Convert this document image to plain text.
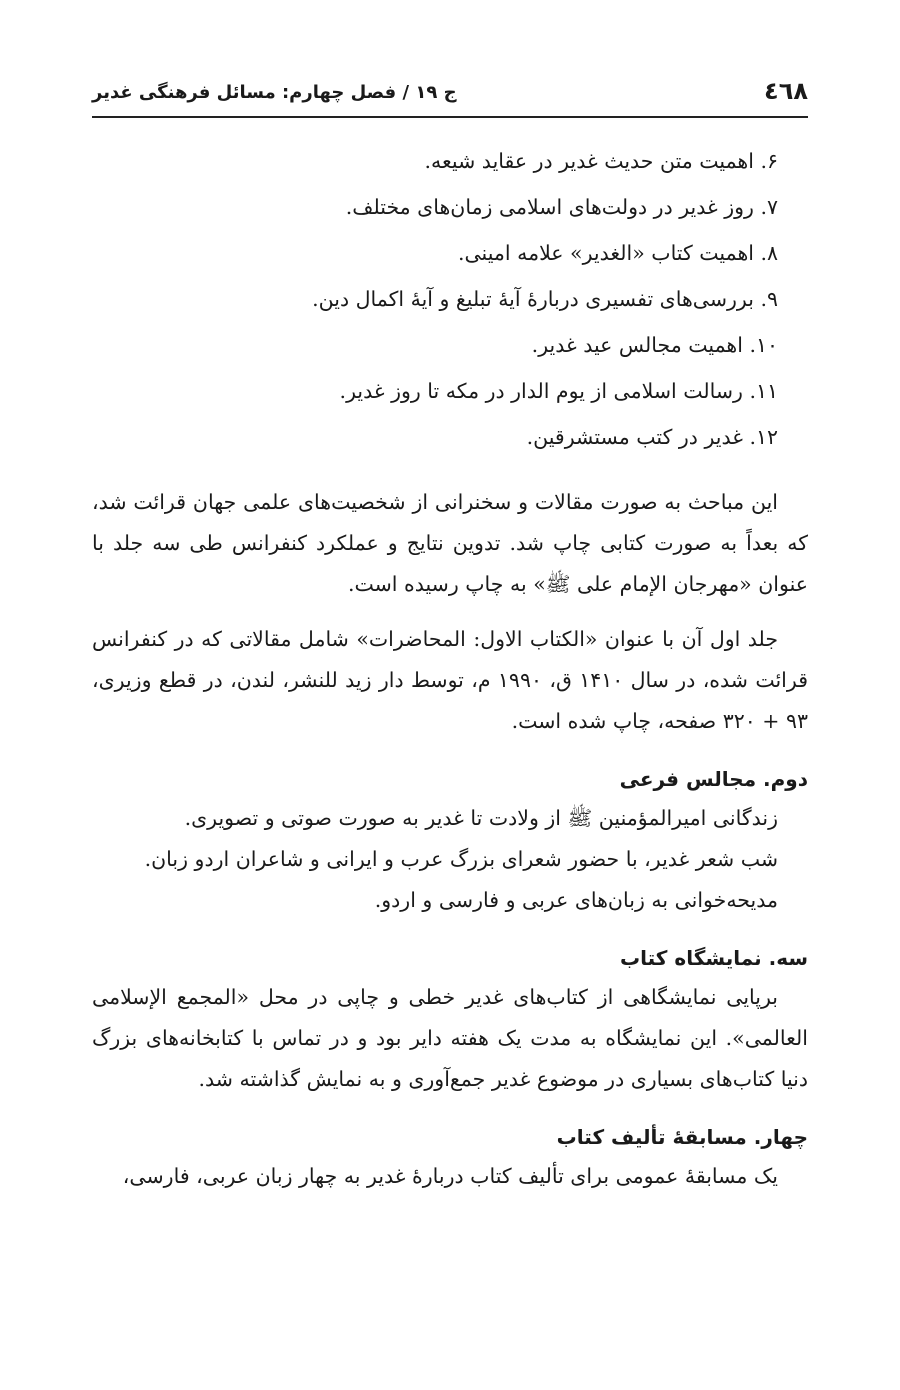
٤٦٨
ج ۱۹ / فصل چهارم: مسائل فرهنگی غدیر
۶. اهمیت متن حدیث غدیر در عقاید شیعه.
۷. روز غدیر در دولت‌های اسلامی زمان‌های مختلف.
۸. اهمیت کتاب «الغدیر» علامه امینی.
۹. بررسی‌های تفسیری دربارۀ آیۀ تبلیغ و آیۀ اکمال دین.
۱۰. اهمیت مجالس عید غدیر.
۱۱. رسالت اسلامی از یوم الدار در مکه تا روز غدیر.
۱۲. غدیر در کتب مستشرقین.

این مباحث به صورت مقالات و سخنرانی از شخصیت‌های علمی جهان قرائت شد، که بعداً به صورت کتابی چاپ شد. تدوین نتایج و عملکرد کنفرانس طی سه جلد با عنوان «مهرجان الإمام علی ﷺ» به چاپ رسیده است.

جلد اول آن با عنوان «الکتاب الاول: المحاضرات» شامل مقالاتی که در کنفرانس قرائت شده، در سال ۱۴۱۰ ق، ۱۹۹۰ م، توسط دار زید للنشر، لندن، در قطع وزیری، ۹۳ + ۳۲۰ صفحه، چاپ شده است.

دوم. مجالس فرعی
زندگانی امیرالمؤمنین ﷺ از ولادت تا غدیر به صورت صوتی و تصویری.
شب شعر غدیر، با حضور شعرای بزرگ عرب و ایرانی و شاعران اردو زبان.
مدیحه‌خوانی به زبان‌های عربی و فارسی و اردو.
سه. نمایشگاه کتاب

برپایی نمایشگاهی از کتاب‌های غدیر خطی و چاپی در محل «المجمع الإسلامی العالمی». این نمایشگاه به مدت یک هفته دایر بود و در تماس با کتابخانه‌های بزرگ دنیا کتاب‌های بسیاری در موضوع غدیر جمع‌آوری و به نمایش گذاشته شد.

چهار. مسابقۀ تألیف کتاب

یک مسابقۀ عمومی برای تألیف کتاب دربارۀ غدیر به چهار زبان عربی، فارسی،
